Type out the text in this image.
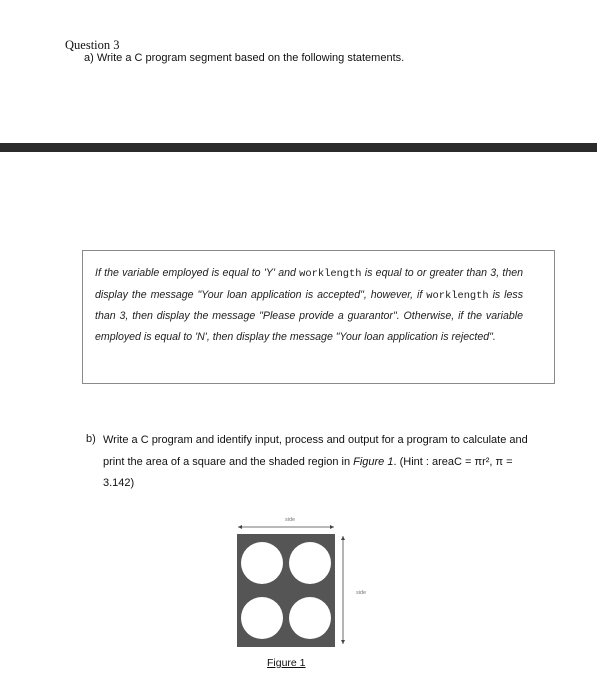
Question 3
a) Write a C program segment based on the following statements.
If the variable employed is equal to 'Y' and worklength is equal to or greater than 3, then display the message "Your loan application is accepted", however, if worklength is less than 3, then display the message "Please provide a guarantor". Otherwise, if the variable employed is equal to 'N', then display the message "Your loan application is rejected".
b) Write a C program and identify input, process and output for a program to calculate and print the area of a square and the shaded region in Figure 1. (Hint : areaC = πr², π = 3.142)
side
side
Figure 1
